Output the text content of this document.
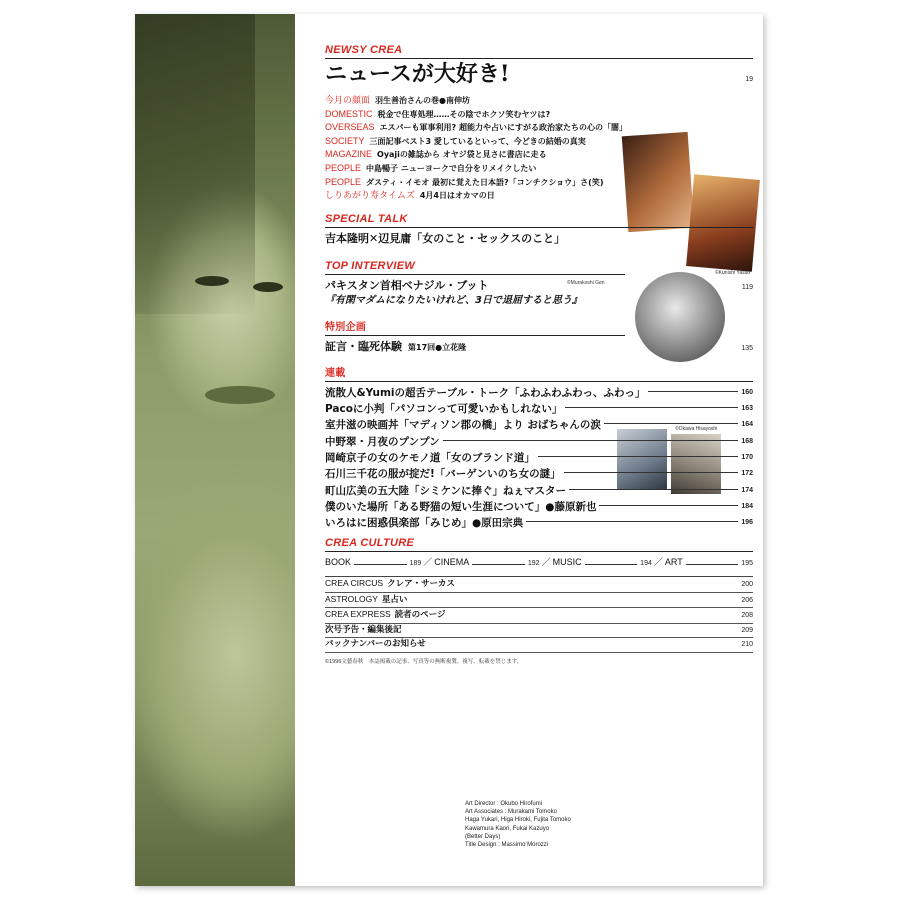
©Kunishi Yasuo
©Murakoshi Gen
©Okawa Hisayoshi
NEWSY CREA
ニュースが大好き!	19
今月の顔面 羽生善治さんの巻●南伸坊
DOMESTIC 税金で住専処理……その陰でホクソ笑むヤツは?
OVERSEAS エスパーも軍事利用? 超能力や占いにすがる政治家たちの心の「闇」
SOCIETY 三面記事ベスト3 愛しているといって、今どきの結婚の真実
MAGAZINE Oyajiの雑誌から オヤジ袋と見さに書店に走る
PEOPLE 中島暢子 ニューヨークで自分をリメイクしたい
PEOPLE ダスティ・イモオ 最初に覚えた日本語?「コンチクショウ」さ(笑)
しりあがり寿タイムズ 4月4日はオカマの日
SPECIAL TALK
吉本隆明✕辺見庸「女のこと・セックスのこと」
TOP INTERVIEW
パキスタン首相ベナジル・ブット	119
『有閑マダムになりたいけれど、3日で退屈すると思う』
特別企画
証言・臨死体験 第17回●立花隆	135
連載
流散人&Yumiの超舌テーブル・トーク「ふわふわふわっ、ふわっ」	160
Pacoに小判「パソコンって可愛いかもしれない」	163
室井滋の映画丼「マディソン郡の橋」より おばちゃんの涙	164
中野翠・月夜のプンプン	168
岡崎京子の女のケモノ道「女のブランド道」	170
石川三千花の服が掟だ!「バーゲンいのち女の謎」	172
町山広美の五大陸「シミケンに捧ぐ」ねぇマスター	174
僕のいた場所「ある野猫の短い生涯について」●藤原新也	184
いろはに困惑倶楽部「みじめ」●原田宗典	196
CREA CULTURE
BOOK	189 ／ CINEMA	192 ／ MUSIC	194 ／ ART	195
CREA CIRCUS クレア・サーカス	200
ASTROLOGY 星占い	206
CREA EXPRESS 読者のページ	208
次号予告・編集後記	209
バックナンバーのお知らせ	210
©1996文藝春秋　本誌掲載の記事、写真等の無断複製、複写、転載を禁じます。
Art Director : Okubo Hirofumi
Art Associates : Murakami Tomoko
Haga Yukari, Higa Hiroki, Fujita Tomoko
Kawamura Kaori, Fukai Kazuyo
(Better Days)
Title Design : Massimo Morozzi
